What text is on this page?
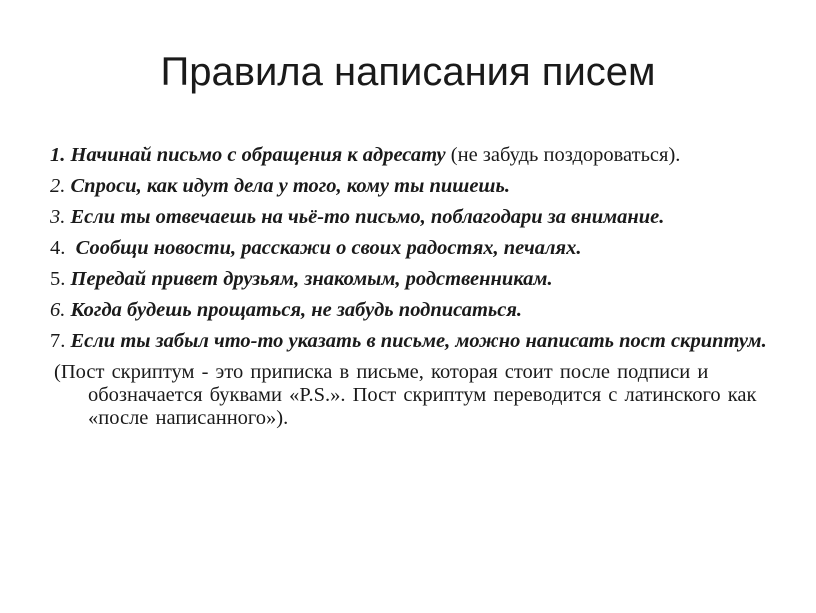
Правила написания писем
1. Начинай письмо с обращения к адресату (не забудь поздороваться).
2. Спроси, как идут дела у того, кому ты пишешь.
3. Если ты отвечаешь на чьё-то письмо, поблагодари за внимание.
4. Сообщи новости, расскажи о своих радостях, печалях.
5. Передай привет друзьям, знакомым, родственникам.
6. Когда будешь прощаться, не забудь подписаться.
7. Если ты забыл что-то указать в письме, можно написать пост скриптум.
(Пост скриптум - это приписка в письме, которая стоит после подписи и обозначается буквами «P.S.». Пост скриптум переводится с латинского как «после написанного»).
